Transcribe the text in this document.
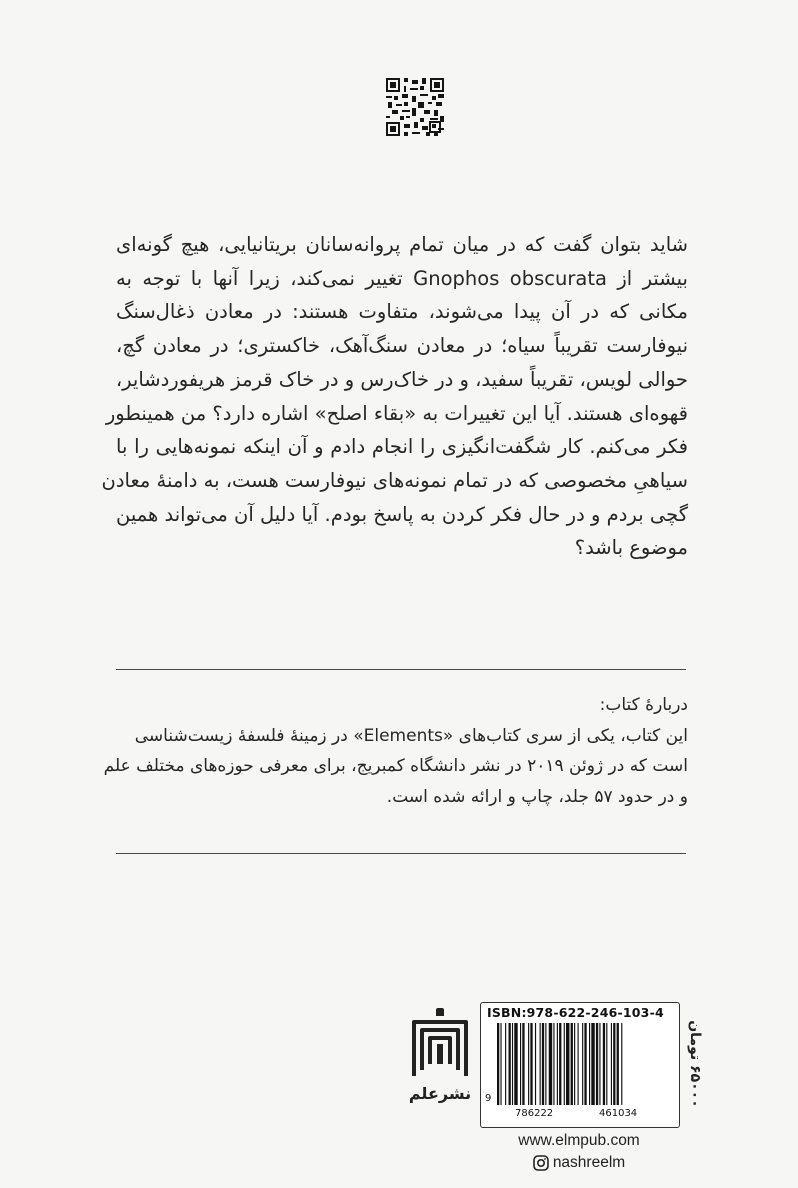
شاید بتوان گفت که در میان تمام پروانه‌سانان بریتانیایی، هیچ گونه‌ای
بیشتر از Gnophos obscurata تغییر نمی‌کند، زیرا آنها با توجه به
مکانی که در آن پیدا می‌شوند، متفاوت هستند: در معادن ذغال‌سنگ
نیوفارست تقریباً سیاه؛ در معادن سنگ‌آهک، خاکستری؛ در معادن گچ،
حوالی لویس، تقریباً سفید، و در خاک‌رس و در خاک قرمز هریفوردشایر،
قهوه‌ای هستند. آیا این تغییرات به «بقاء اصلح» اشاره دارد؟ من همینطور
فکر می‌کنم. کار شگفت‌انگیزی را انجام دادم و آن اینکه نمونه‌هایی را با
سیاهیِ مخصوصی که در تمام نمونه‌های نیوفارست هست، به دامنهٔ معادن
گچی بردم و در حال فکر کردن به پاسخ بودم. آیا دلیل آن می‌تواند همین
موضوع باشد؟

دربارهٔ کتاب:
این کتاب، یکی از سری کتاب‌های «Elements» در زمینهٔ فلسفهٔ زیست‌شناسی
است که در ژوئن ۲۰۱۹ در نشر دانشگاه کمبریج، برای معرفی حوزه‌های مختلف علم
و در حدود ۵۷ جلد، چاپ و ارائه شده است.
نشرعلم
ISBN:978-622-246-103-4
9
786222	461034
۶۵۰۰۰ تومان
www.elmpub.com
nashreelm
